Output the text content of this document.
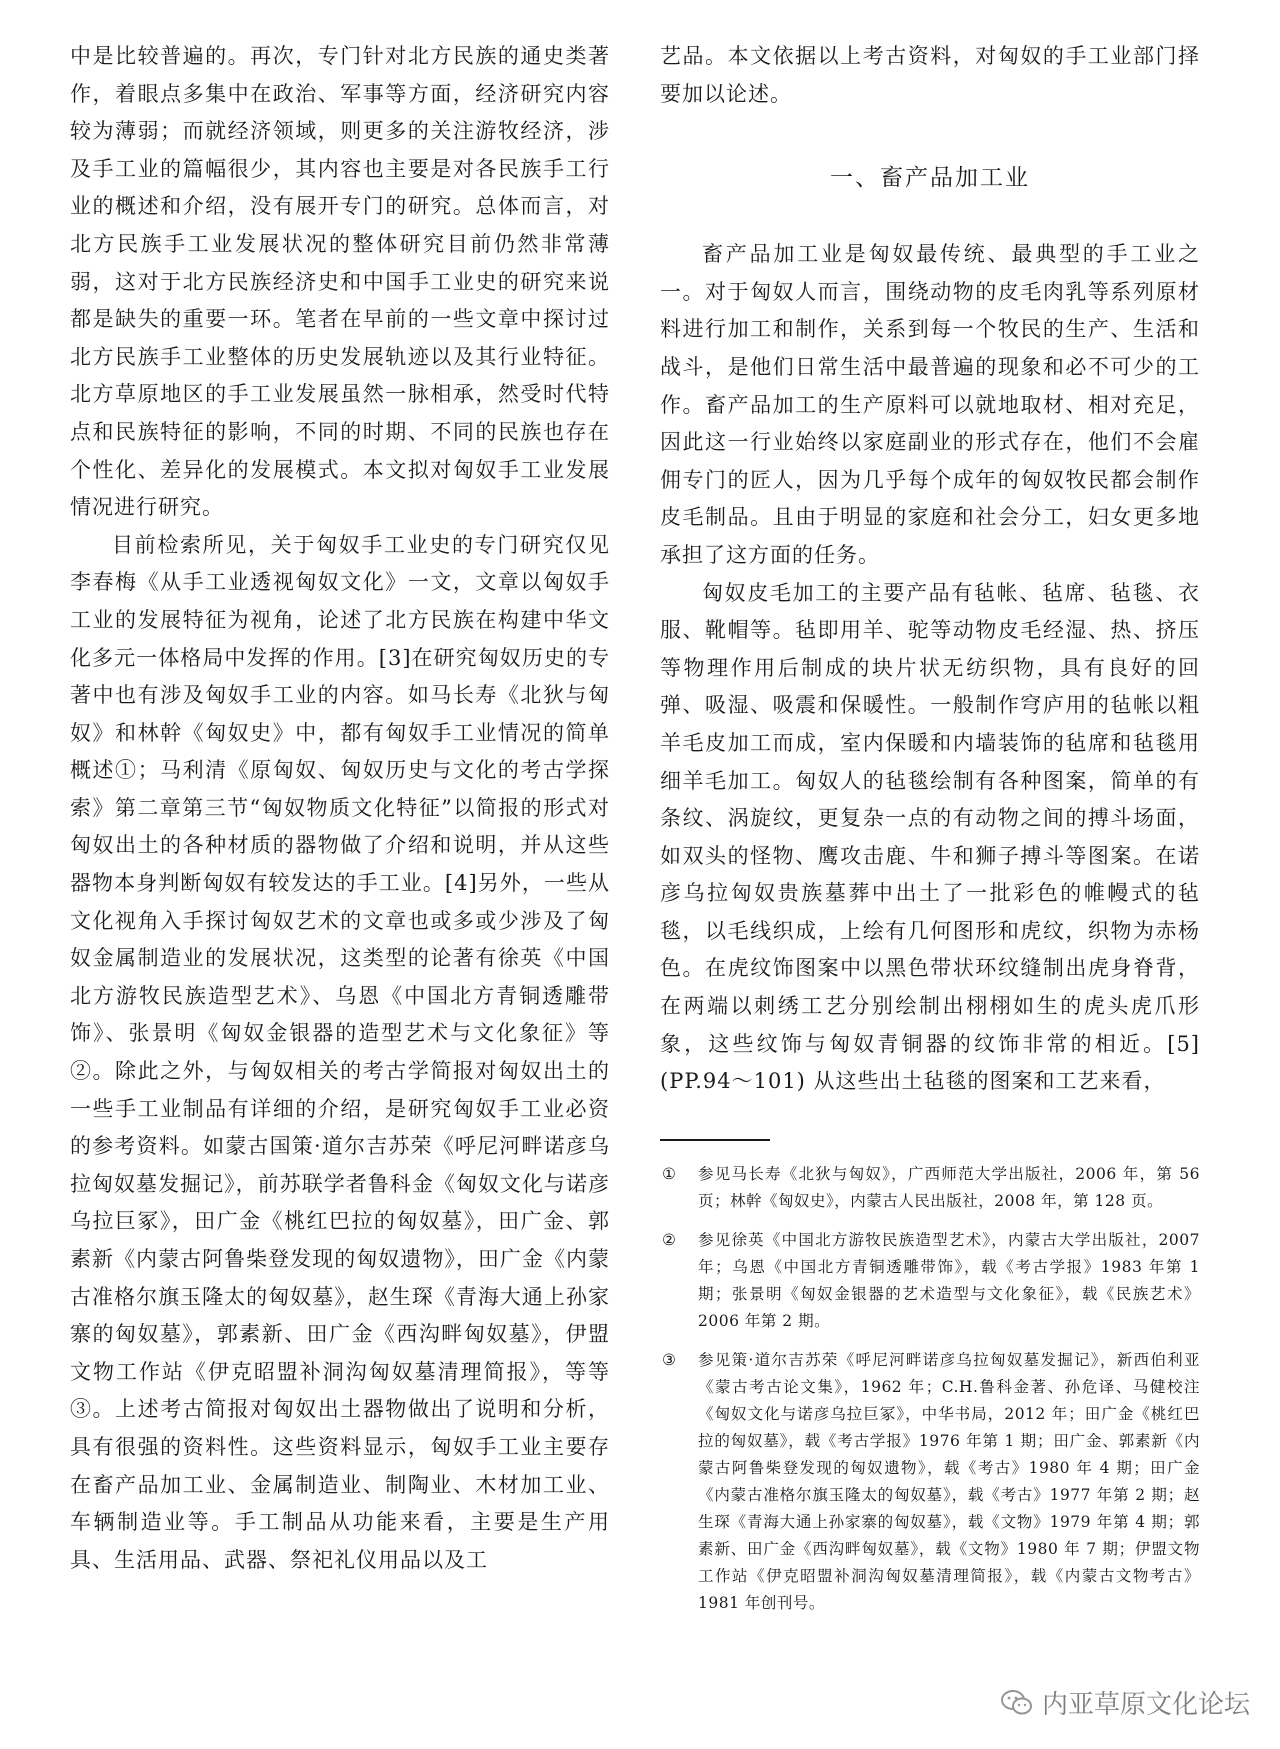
中是比较普遍的。再次，专门针对北方民族的通史类著作，着眼点多集中在政治、军事等方面，经济研究内容较为薄弱；而就经济领域，则更多的关注游牧经济，涉及手工业的篇幅很少，其内容也主要是对各民族手工行业的概述和介绍，没有展开专门的研究。总体而言，对北方民族手工业发展状况的整体研究目前仍然非常薄弱，这对于北方民族经济史和中国手工业史的研究来说都是缺失的重要一环。笔者在早前的一些文章中探讨过北方民族手工业整体的历史发展轨迹以及其行业特征。北方草原地区的手工业发展虽然一脉相承，然受时代特点和民族特征的影响，不同的时期、不同的民族也存在个性化、差异化的发展模式。本文拟对匈奴手工业发展情况进行研究。

目前检索所见，关于匈奴手工业史的专门研究仅见李春梅《从手工业透视匈奴文化》一文，文章以匈奴手工业的发展特征为视角，论述了北方民族在构建中华文化多元一体格局中发挥的作用。[3]在研究匈奴历史的专著中也有涉及匈奴手工业的内容。如马长寿《北狄与匈奴》和林幹《匈奴史》中，都有匈奴手工业情况的简单概述①；马利清《原匈奴、匈奴历史与文化的考古学探索》第二章第三节“匈奴物质文化特征”以简报的形式对匈奴出土的各种材质的器物做了介绍和说明，并从这些器物本身判断匈奴有较发达的手工业。[4]另外，一些从文化视角入手探讨匈奴艺术的文章也或多或少涉及了匈奴金属制造业的发展状况，这类型的论著有徐英《中国北方游牧民族造型艺术》、乌恩《中国北方青铜透雕带饰》、张景明《匈奴金银器的造型艺术与文化象征》等②。除此之外，与匈奴相关的考古学简报对匈奴出土的一些手工业制品有详细的介绍，是研究匈奴手工业必资的参考资料。如蒙古国策·道尔吉苏荣《呼尼河畔诺彦乌拉匈奴墓发掘记》，前苏联学者鲁科金《匈奴文化与诺彦乌拉巨冢》，田广金《桃红巴拉的匈奴墓》，田广金、郭素新《内蒙古阿鲁柴登发现的匈奴遗物》，田广金《内蒙古准格尔旗玉隆太的匈奴墓》，赵生琛《青海大通上孙家寨的匈奴墓》，郭素新、田广金《西沟畔匈奴墓》，伊盟文物工作站《伊克昭盟补洞沟匈奴墓清理简报》，等等③。上述考古简报对匈奴出土器物做出了说明和分析，具有很强的资料性。这些资料显示，匈奴手工业主要存在畜产品加工业、金属制造业、制陶业、木材加工业、车辆制造业等。手工制品从功能来看，主要是生产用具、生活用品、武器、祭祀礼仪用品以及工

艺品。本文依据以上考古资料，对匈奴的手工业部门择要加以论述。

一、畜产品加工业

畜产品加工业是匈奴最传统、最典型的手工业之一。对于匈奴人而言，围绕动物的皮毛肉乳等系列原材料进行加工和制作，关系到每一个牧民的生产、生活和战斗，是他们日常生活中最普遍的现象和必不可少的工作。畜产品加工的生产原料可以就地取材、相对充足，因此这一行业始终以家庭副业的形式存在，他们不会雇佣专门的匠人，因为几乎每个成年的匈奴牧民都会制作皮毛制品。且由于明显的家庭和社会分工，妇女更多地承担了这方面的任务。

匈奴皮毛加工的主要产品有毡帐、毡席、毡毯、衣服、靴帽等。毡即用羊、驼等动物皮毛经湿、热、挤压等物理作用后制成的块片状无纺织物，具有良好的回弹、吸湿、吸震和保暖性。一般制作穹庐用的毡帐以粗羊毛皮加工而成，室内保暖和内墙装饰的毡席和毡毯用细羊毛加工。匈奴人的毡毯绘制有各种图案，简单的有条纹、涡旋纹，更复杂一点的有动物之间的搏斗场面，如双头的怪物、鹰攻击鹿、牛和狮子搏斗等图案。在诺彦乌拉匈奴贵族墓葬中出土了一批彩色的帷幔式的毡毯，以毛线织成，上绘有几何图形和虎纹，织物为赤杨色。在虎纹饰图案中以黑色带状环纹缝制出虎身脊背，在两端以刺绣工艺分别绘制出栩栩如生的虎头虎爪形象，这些纹饰与匈奴青铜器的纹饰非常的相近。[5](PP.94～101) 从这些出土毡毯的图案和工艺来看，

①	参见马长寿《北狄与匈奴》，广西师范大学出版社，2006 年，第 56 页；林幹《匈奴史》，内蒙古人民出版社，2008 年，第 128 页。
②	参见徐英《中国北方游牧民族造型艺术》，内蒙古大学出版社，2007 年；乌恩《中国北方青铜透雕带饰》，载《考古学报》1983 年第 1 期；张景明《匈奴金银器的艺术造型与文化象征》，载《民族艺术》2006 年第 2 期。
③	参见策·道尔吉苏荣《呼尼河畔诺彦乌拉匈奴墓发掘记》，新西伯利亚《蒙古考古论文集》，1962 年；C.H.鲁科金著、孙危译、马健校注《匈奴文化与诺彦乌拉巨冢》，中华书局，2012 年；田广金《桃红巴拉的匈奴墓》，载《考古学报》1976 年第 1 期；田广金、郭素新《内蒙古阿鲁柴登发现的匈奴遗物》，载《考古》1980 年 4 期；田广金《内蒙古准格尔旗玉隆太的匈奴墓》，载《考古》1977 年第 2 期；赵生琛《青海大通上孙家寨的匈奴墓》，载《文物》1979 年第 4 期；郭素新、田广金《西沟畔匈奴墓》，载《文物》1980 年 7 期；伊盟文物工作站《伊克昭盟补洞沟匈奴墓清理简报》，载《内蒙古文物考古》1981 年创刊号。
内亚草原文化论坛
